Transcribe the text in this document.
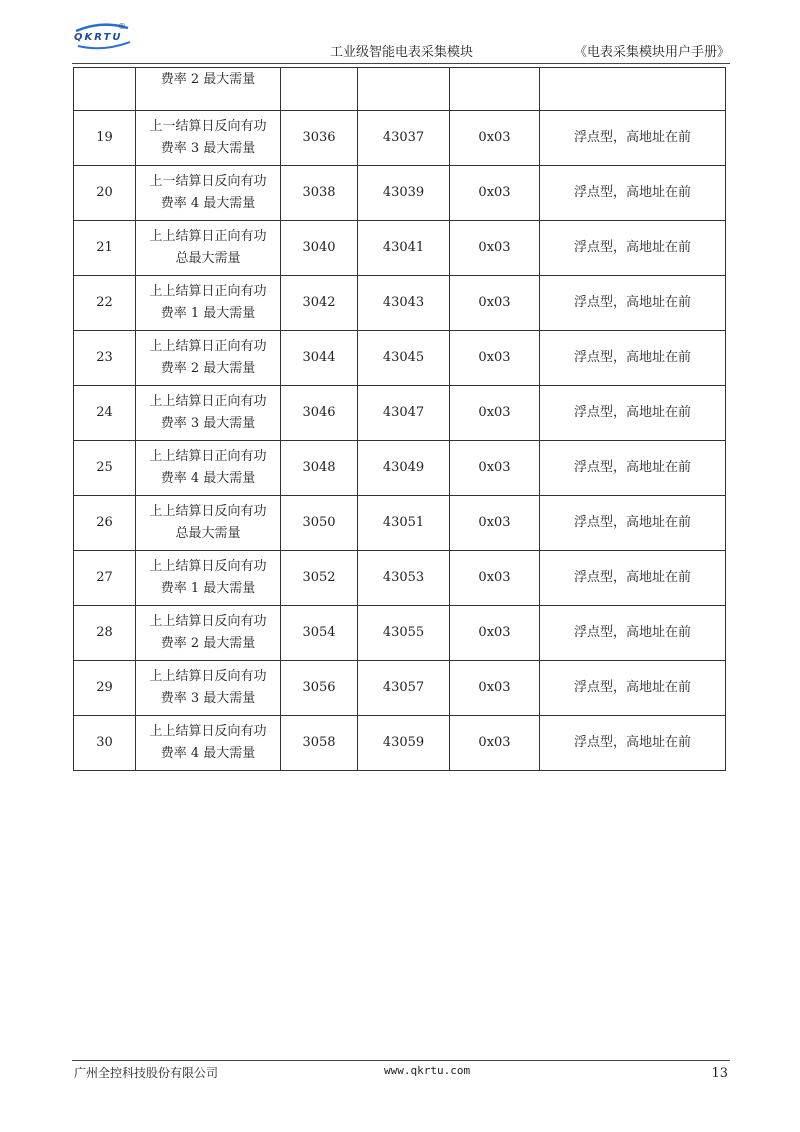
QKRTU
®
工业级智能电表采集模块	《电表采集模块用户手册》
	费率 2 最大需量				
19	上一结算日反向有功
费率 3 最大需量	3036	43037	0x03	浮点型，高地址在前
20	上一结算日反向有功
费率 4 最大需量	3038	43039	0x03	浮点型，高地址在前
21	上上结算日正向有功
总最大需量	3040	43041	0x03	浮点型，高地址在前
22	上上结算日正向有功
费率 1 最大需量	3042	43043	0x03	浮点型，高地址在前
23	上上结算日正向有功
费率 2 最大需量	3044	43045	0x03	浮点型，高地址在前
24	上上结算日正向有功
费率 3 最大需量	3046	43047	0x03	浮点型，高地址在前
25	上上结算日正向有功
费率 4 最大需量	3048	43049	0x03	浮点型，高地址在前
26	上上结算日反向有功
总最大需量	3050	43051	0x03	浮点型，高地址在前
27	上上结算日反向有功
费率 1 最大需量	3052	43053	0x03	浮点型，高地址在前
28	上上结算日反向有功
费率 2 最大需量	3054	43055	0x03	浮点型，高地址在前
29	上上结算日反向有功
费率 3 最大需量	3056	43057	0x03	浮点型，高地址在前
30	上上结算日反向有功
费率 4 最大需量	3058	43059	0x03	浮点型，高地址在前
广州全控科技股份有限公司	www.qkrtu.com	13
